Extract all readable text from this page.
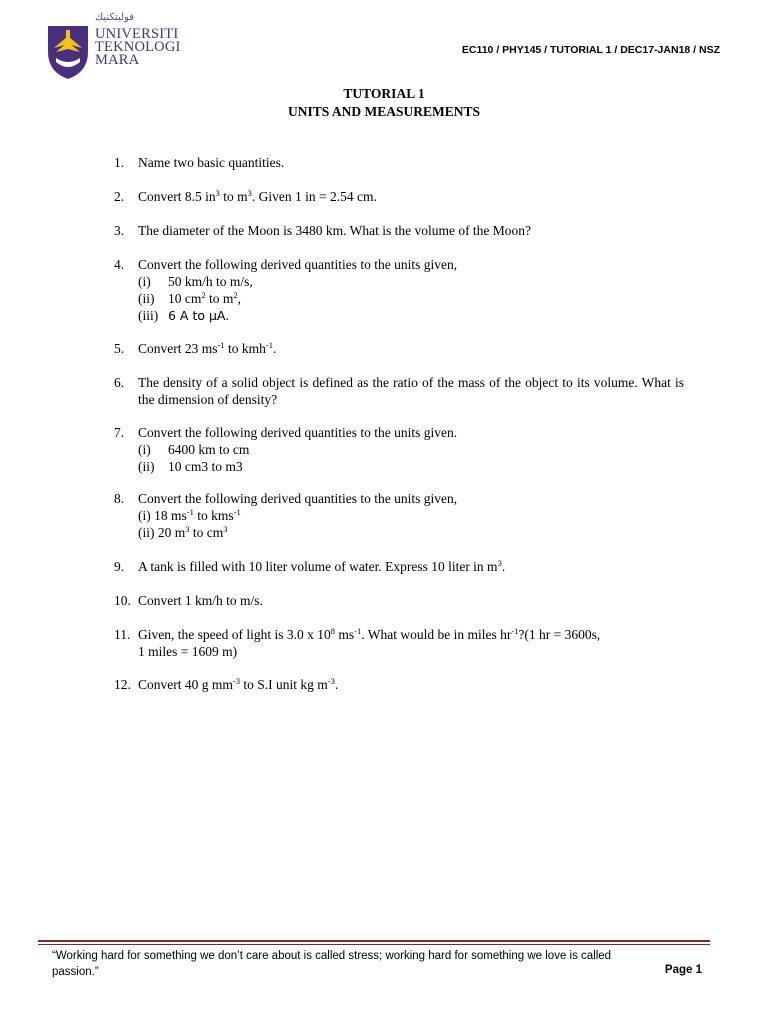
ﻓﻮﻟﻴﺘﻜﻨﻴﻚ
UNIVERSITI
TEKNOLOGI
MARA
EC110 / PHY145 / TUTORIAL 1 / DEC17-JAN18 / NSZ
TUTORIAL 1
UNITS AND MEASUREMENTS
1.	Name two basic quantities.
2.	Convert 8.5 $in^3$ to $m^3$. Given 1 in = 2.54 cm.
3.	The diameter of the Moon is 3480 km. What is the volume of the Moon?
4.	Convert the following derived quantities to the units given,
(i) 50 km/h to m/s,
(ii) 10 $cm^2$ to $m^2$,
(iii) 6 A to μA.
5.	Convert 23 $ms^{-1}$ to kmh$^{-1}$.
6.	The density of a solid object is defined as the ratio of the mass of the object to its volume. What is the dimension of density?
7.	Convert the following derived quantities to the units given.
(i) 6400 km to cm
(ii) 10 cm3 to m3
8.	Convert the following derived quantities to the units given,
(i) 18 $ms^{-1}$ to kms$^{-1}$
(ii) 20 $m^3$ to $cm^3$
9.	A tank is filled with 10 liter volume of water. Express 10 liter in $m^3$.
10. Convert 1 km/h to m/s.
11. Given, the speed of light is 3.0 x $10^8$ $ms^{-1}$. What would be in miles $hr^{-1}?(1$ hr = 3600s,
1 miles = 1609 m)
12. Convert 40 g $mm^{-3}$ to S.I unit kg $m^{-3}$.
“Working hard for something we don’t care about is called stress; working hard for something we love is called
passion.”	Page 1
